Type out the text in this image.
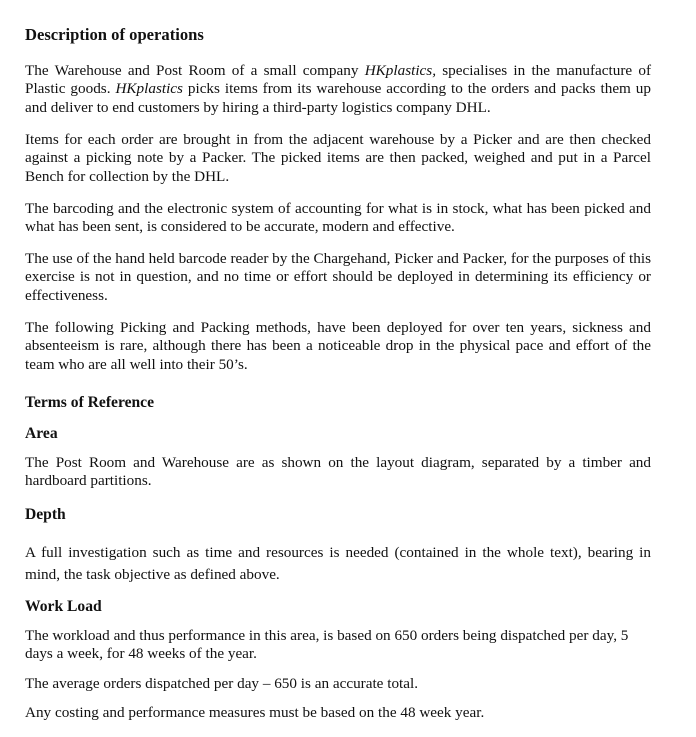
Description of operations

The Warehouse and Post Room of a small company HKplastics, specialises in the manufacture of Plastic goods. HKplastics picks items from its warehouse according to the orders and packs them up and deliver to end customers by hiring a third-party logistics company DHL.

Items for each order are brought in from the adjacent warehouse by a Picker and are then checked against a picking note by a Packer. The picked items are then packed, weighed and put in a Parcel Bench for collection by the DHL.

The barcoding and the electronic system of accounting for what is in stock, what has been picked and what has been sent, is considered to be accurate, modern and effective.

The use of the hand held barcode reader by the Chargehand, Picker and Packer, for the purposes of this exercise is not in question, and no time or effort should be deployed in determining its efficiency or effectiveness.

The following Picking and Packing methods, have been deployed for over ten years, sickness and absenteeism is rare, although there has been a noticeable drop in the physical pace and effort of the team who are all well into their 50’s.

Terms of Reference
Area

The Post Room and Warehouse are as shown on the layout diagram, separated by a timber and hardboard partitions.

Depth

A full investigation such as time and resources is needed (contained in the whole text), bearing in mind, the task objective as defined above.

Work Load

The workload and thus performance in this area, is based on 650 orders being dispatched per day, 5 days a week, for 48 weeks of the year.

The average orders dispatched per day – 650 is an accurate total.

Any costing and performance measures must be based on the 48 week year.
